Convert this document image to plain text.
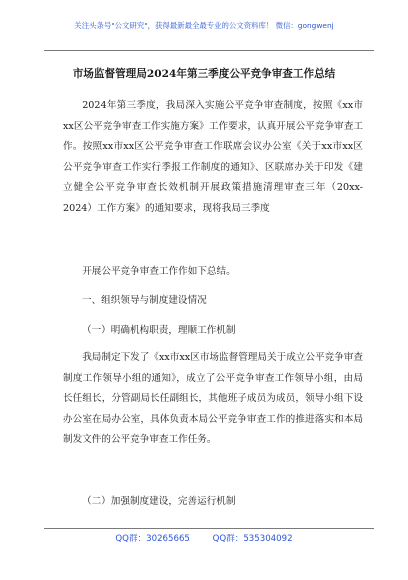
关注头条号"公文研究"，获得最新最全最专业的公文资料库！ 微信：gongwenj
市场监督管理局2024年第三季度公平竞争审查工作总结
2024年第三季度，我局深入实施公平竞争审查制度，按照《xx市xx区公平竞争审查工作实施方案》工作要求，认真开展公平竞争审查工作。按照xx市xx区公平竞争审查工作联席会议办公室《关于xx市xx区公平竞争审查工作实行季报工作制度的通知》、区联席办关于印发《建立健全公平竞争审查长效机制开展政策措施清理审查三年（20xx-2024）工作方案》的通知要求，现将我局三季度
开展公平竞争审查工作作如下总结。
一、组织领导与制度建设情况
（一）明确机构职责，理顺工作机制
我局制定下发了《xx市xx区市场监督管理局关于成立公平竞争审查制度工作领导小组的通知》，成立了公平竞争审查工作领导小组，由局长任组长，分管副局长任副组长，其他班子成员为成员，领导小组下设办公室在局办公室，具体负责本局公平竞争审查工作的推进落实和本局制发文件的公平竞争审查工作任务。
（二）加强制度建设，完善运行机制
QQ群：30265665	QQ群：535304092
